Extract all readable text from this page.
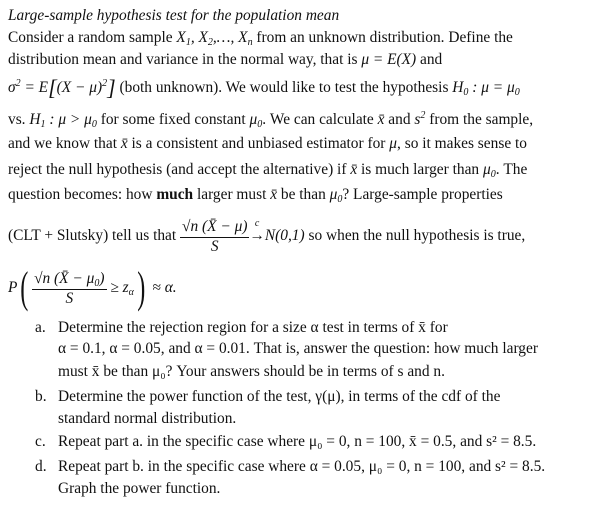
Large-sample hypothesis test for the population mean
Consider a random sample $X_1$, $X_2,\dots$, $X_n$ from an unknown distribution. Define the
distribution mean and variance in the normal way, that is μ = E(X) and
$\sigma^2 = E[(X - \mu)^2]$ (both unknown). We would like to test the hypothesis $H_0$ : $\mu = \mu_0$
vs. $H_1$ : $\mu > \mu_0$ for some fixed constant $\mu_0$. We can calculate x̄ and $s^2$ from the sample,
and we know that x̄ is a consistent and unbiased estimator for μ, so it makes sense to
reject the null hypothesis (and accept the alternative) if x̄ is much larger than $\mu_0$. The
question becomes: how much larger must x̄ be than $\mu_0$? Large-sample properties
(CLT + Slutsky) tell us that $\frac{√n (X̄ - \mu)}{S}$ c
→N(0,1) so when the null hypothesis is true,
$P( \frac{√n (X̄ - \mu_0)}{S} \ge z_\alpha) \approx \alpha$.
a. Determine the rejection region for a size α test in terms of x̄ for
α = 0.1, α = 0.05, and α = 0.01. That is, answer the question: how much larger
must x̄ be than μ₀? Your answers should be in terms of s and n.
b. Determine the power function of the test, γ(μ), in terms of the cdf of the
standard normal distribution.
c. Repeat part a. in the specific case where μ₀ = 0, n = 100, x̄ = 0.5, and s² = 8.5.
d. Repeat part b. in the specific case where α = 0.05, μ₀ = 0, n = 100, and s² = 8.5.
Graph the power function.
